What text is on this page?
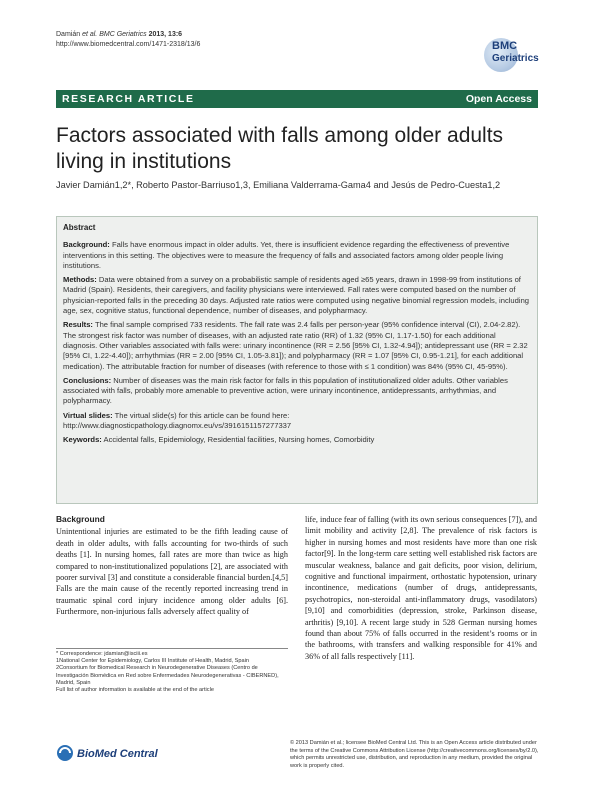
Damián et al. BMC Geriatrics 2013, 13:6
http://www.biomedcentral.com/1471-2318/13/6	BMC
Geriatrics
RESEARCH ARTICLE	Open Access
Factors associated with falls among older adults living in institutions
Javier Damián1,2*, Roberto Pastor-Barriuso1,3, Emiliana Valderrama-Gama4 and Jesús de Pedro-Cuesta1,2
Abstract

Background: Falls have enormous impact in older adults. Yet, there is insufficient evidence regarding the effectiveness of preventive interventions in this setting. The objectives were to measure the frequency of falls and associated factors among older people living institutions.

Methods: Data were obtained from a survey on a probabilistic sample of residents aged ≥65 years, drawn in 1998-99 from institutions of Madrid (Spain). Residents, their caregivers, and facility physicians were interviewed. Fall rates were computed based on the number of physician-reported falls in the preceding 30 days. Adjusted rate ratios were computed using negative binomial regression models, including age, sex, cognitive status, functional dependence, number of diseases, and polypharmacy.

Results: The final sample comprised 733 residents. The fall rate was 2.4 falls per person-year (95% confidence interval (CI), 2.04-2.82). The strongest risk factor was number of diseases, with an adjusted rate ratio (RR) of 1.32 (95% CI, 1.17-1.50) for each additional diagnosis. Other variables associated with falls were: urinary incontinence (RR = 2.56 [95% CI, 1.32-4.94]); antidepressant use (RR = 2.32 [95% CI, 1.22-4.40]); arrhythmias (RR = 2.00 [95% CI, 1.05-3.81]); and polypharmacy (RR = 1.07 [95% CI, 0.95-1.21], for each additional medication). The attributable fraction for number of diseases (with reference to those with ≤ 1 condition) was 84% (95% CI, 45-95%).

Conclusions: Number of diseases was the main risk factor for falls in this population of institutionalized older adults. Other variables associated with falls, probably more amenable to preventive action, were urinary incontinence, antidepressants, arrhythmias, and polypharmacy.

Virtual slides: The virtual slide(s) for this article can be found here:
http://www.diagnosticpathology.diagnomx.eu/vs/3916151157277337

Keywords: Accidental falls, Epidemiology, Residential facilities, Nursing homes, Comorbidity

Background

Unintentional injuries are estimated to be the fifth leading cause of death in older adults, with falls accounting for two-thirds of such deaths [1]. In nursing homes, fall rates are more than twice as high compared to non-institutionalized populations [2], are associated with poorer survival [3] and constitute a considerable financial burden.[4,5] Falls are the main cause of the recently reported increasing trend in traumatic spinal cord injury incidence among older adults [6]. Furthermore, non-injurious falls adversely affect quality of

life, induce fear of falling (with its own serious consequences [7]), and limit mobility and activity [2,8]. The prevalence of risk factors is higher in nursing homes and most residents have more than one risk factor[9]. In the long-term care setting well established risk factors are muscular weakness, balance and gait deficits, poor vision, delirium, cognitive and functional impairment, orthostatic hypotension, urinary incontinence, medications (number of drugs, antidepressants, psychotropics, non-steroidal anti-inflammatory drugs, vasodilators) [9,10] and comorbidities (depression, stroke, Parkinson disease, arthritis) [9,10]. A recent large study in 528 German nursing homes found than about 75% of falls occurred in the resident’s rooms or in the bathrooms, with transfers and walking responsible for 41% and 36% of all falls respectively [11].

* Correspondence: jdamian@isciii.es
1National Center for Epidemiology, Carlos III Institute of Health, Madrid, Spain
2Consortium for Biomedical Research in Neurodegenerative Diseases (Centro de Investigación Biomédica en Red sobre Enfermedades Neurodegenerativas - CIBERNED), Madrid, Spain
Full list of author information is available at the end of the article
BioMed Central
© 2013 Damián et al.; licensee BioMed Central Ltd. This is an Open Access article distributed under the terms of the Creative Commons Attribution License (http://creativecommons.org/licenses/by/2.0), which permits unrestricted use, distribution, and reproduction in any medium, provided the original work is properly cited.
